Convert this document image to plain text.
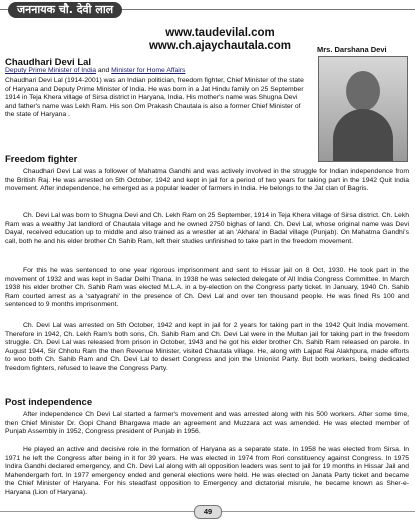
जननायक चौ. देवी लाल
www.taudevilal.com
www.ch.ajaychautala.com	Mrs. Darshana Devi
Chaudhari Devi Lal
Deputy Prime Minister of India and Minister for Home Affairs
Chaudhari Devi Lal (1914-2001) was an Indian politician, freedom fighter, Chief Minister of the state of Haryana and Deputy Prime Minister of India. He was born in a Jat Hindu family on 25 September 1914 in Teja Khera village of Sirsa district in Haryana, India. His mother's name was Shugna Devi and father's name was Lekh Ram. His son Om Prakash Chautala is also a former Chief Minister of the state of Haryana .
Freedom fighter
Chaudhari Devi Lal was a follower of Mahatma Gandhi and was actively involved in the struggle for Indian independence from the British Raj. He was arrested on 5th October, 1942 and kept in jail for a period of two years for taking part in the 1942 Quit India movement. After independence, he emerged as a popular leader of farmers in India. He belongs to the Jat clan of Bagris.
Ch. Devi Lal was born to Shugna Devi and Ch. Lekh Ram on 25 September, 1914 in Teja Khera village of Sirsa district. Ch. Lekh Ram was a wealthy Jat landlord of Chautala village and he owned 2750 bighas of land. Ch. Devi Lal, whose original name was Devi Dayal, received education up to middle and also trained as a wrestler at an 'Akhara' in Badal village (Punjab). On Mahatma Gandhi's call, both he and his elder brother Ch Sahib Ram, left their studies unfinished to take part in the freedom movement.
For this he was sentenced to one year rigorous imprisonment and sent to Hissar jail on 8 Oct, 1930. He took part in the movement of 1932 and was kept in Sadar Delhi Thana. In 1938 he was selected delegate of All India Congress Committee. In March 1938 his elder brother Ch. Sahib Ram was elected M.L.A. in a by-election on the Congress party ticket. In January, 1940 Ch. Sahib Ram courted arrest as a 'satyagrahi' in the presence of Ch. Devi Lal and over ten thousand people. He was fined Rs 100 and sentenced to 9 months imprisonment.
Ch. Devi Lal was arrested on 5th October, 1942 and kept in jail for 2 years for taking part in the 1942 Quit India movement. Therefore in 1942, Ch. Lekh Ram's both sons, Ch. Sahib Ram and Ch. Devi Lal were in the Multan jail for taking part in the freedom struggle. Ch. Devi Lal was released from prison in October, 1943 and he got his elder brother Ch. Sahib Ram released on parole. In August 1944, Sir Chhotu Ram the then Revenue Minister, visited Chautala village. He, along with Lajpat Rai Alakhpura, made efforts to woo both Ch. Sahib Ram and Ch. Devi Lal to desert Congress and join the Unionist Party. But both workers, being dedicated freedom fighters, refused to leave the Congress Party.
Post independence
After independence Ch Devi Lal started a farmer's movement and was arrested along with his 500 workers. After some time, then Chief Minister Dr. Gopi Chand Bhargawa made an agreement and Muzzara act was amended. He was elected member of Punjab Assembly in 1952, Congress president of Punjab in 1956.
He played an active and decisive role in the formation of Haryana as a separate state. In 1958 he was elected from Sirsa. In 1971 he left the Congress after being in it for 39 years. He was elected in 1974 from Rori constituency against Congress. In 1975 Indira Gandhi declared emergency, and Ch. Devi Lal along with all opposition leaders was sent to jail for 19 months in Hissar Jail and Mahendergarh fort. In 1977 emergency ended and general elections were held. He was elected on Janata Party ticket and became the Chief Minister of Haryana. For his steadfast opposition to Emergency and dictatorial misrule, he became known as Sher-e-Haryana (Lion of Haryana).
49
